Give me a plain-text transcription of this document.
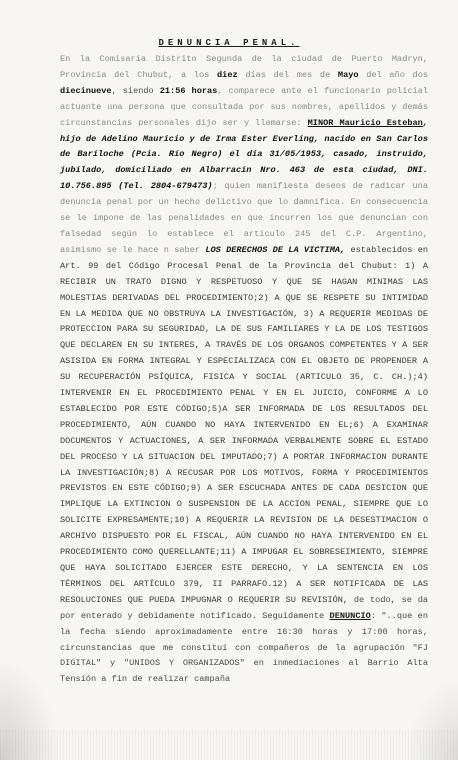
DENUNCIA PENAL.
En la Comisaría Distrito Segunda de la ciudad de Puerto Madryn, Provincia del Chubut, a los diez días del mes de Mayo del año dos diecinueve, siendo 21:56 horas, comparece ante el funcionario policial actuante una persona que consultada por sus nombres, apellidos y demás circunstancias personales dijo ser y llamarse: MINOR Mauricio Esteban, hijo de Adelino Mauricio y de Irma Ester Everling, nacido en San Carlos de Bariloche (Pcia. Río Negro) el día 31/05/1953, casado, instruido, jubilado, domiciliado en Albarracín Nro. 463 de esta ciudad, DNI. 10.756.895 (Tel. 2804-679473); quien manifiesta deseos de radicar una denuncia penal por un hecho delictivo que lo damnifica. En consecuencia se le impone de las penalidades en que incurren los que denuncian con falsedad según lo establece el artículo 245 del C.P. Argentino, asimismo se le hace n saber LOS DERECHOS DE LA VICTIMA, establecidos en Art. 99 del Código Procesal Penal de la Provincia del Chubut: 1) A RECIBIR UN TRATO DIGNO Y RESPETUOSO Y QUE SE HAGAN MINIMAS LAS MOLESTIAS DERIVADAS DEL PROCEDIMIENTO;2) A QUE SE RESPETE SU INTIMIDAD EN LA MEDIDA QUE NO OBSTRUYA LA INVESTIGACIÓN, 3) A REQUERIR MEDIDAS DE PROTECCION PARA SU SEGURIDAD, LA DE SUS FAMILIARES Y LA DE LOS TESTIGOS QUE DECLAREN EN SU INTERES, A TRAVÉS DE LOS ORGANOS COMPETENTES Y A SER ASISIDA EN FORMA INTEGRAL Y ESPECIALIZACA CON EL OBJETO DE PROPENDER A SU RECUPERACIÓN PSÍQUICA, FISICA Y SOCIAL (ARTICULO 35, C. CH.);4) INTERVENIR EN EL PROCEDIMIENTO PENAL Y EN EL JUICIO, CONFORME A LO ESTABLECIDO POR ESTE CÓDIGO;5)A SER INFORMADA DE LOS RESULTADOS DEL PROCEDIMIENTO, AÚN CUANDO NO HAYA INTERVENIDO EN EL;6) A EXAMINAR DOCUMENTOS Y ACTUACIONES, A SER INFORMADA VERBALMENTE SOBRE EL ESTADO DEL PROCESO Y LA SITUACION DEL IMPUTADO;7) A PORTAR INFORMACION DURANTE LA INVESTIGACIÓN;8) A RECUSAR POR LOS MOTIVOS, FORMA Y PROCEDIMIENTOS PREVISTOS EN ESTE CÓDIGO;9) A SER ESCUCHADA ANTES DE CADA DESICION QUE IMPLIQUE LA EXTINCION O SUSPENSION DE LA ACCION PENAL, SIEMPRE QUE LO SOLICITE EXPRESAMENTE;10) A REQUERIR LA REVISION DE LA DESESTIMACION O ARCHIVO DISPUESTO POR EL FISCAL, AÚN CUANDO NO HAYA INTERVENIDO EN EL PROCEDIMIENTO COMO QUERELLANTE;11) A IMPUGAR EL SOBRESEIMIENTO, SIEMPRE QUE HAYA SOLICITADO EJERCER ESTE DERECHO, Y LA SENTENCIA EN LOS TÉRMINOS DEL ARTÍCULO 379, II PARRAFO.12) A SER NOTIFICADA DE LAS RESOLUCIONES QUE PUEDA IMPUGNAR O REQUERIR SU REVISIÓN, de todo, se da por enterado y debidamente notificado. Seguidamente DENUNCIO: "..que en la fecha siendo aproximadamente entre 16:30 horas y 17:00 horas, circunstancias que me constituí con compañeros de la agrupación "FJ DIGITAL" y "UNIDOS Y ORGANIZADOS" en inmediaciones al Barrio Alta Tensión a fin de realizar campaña
